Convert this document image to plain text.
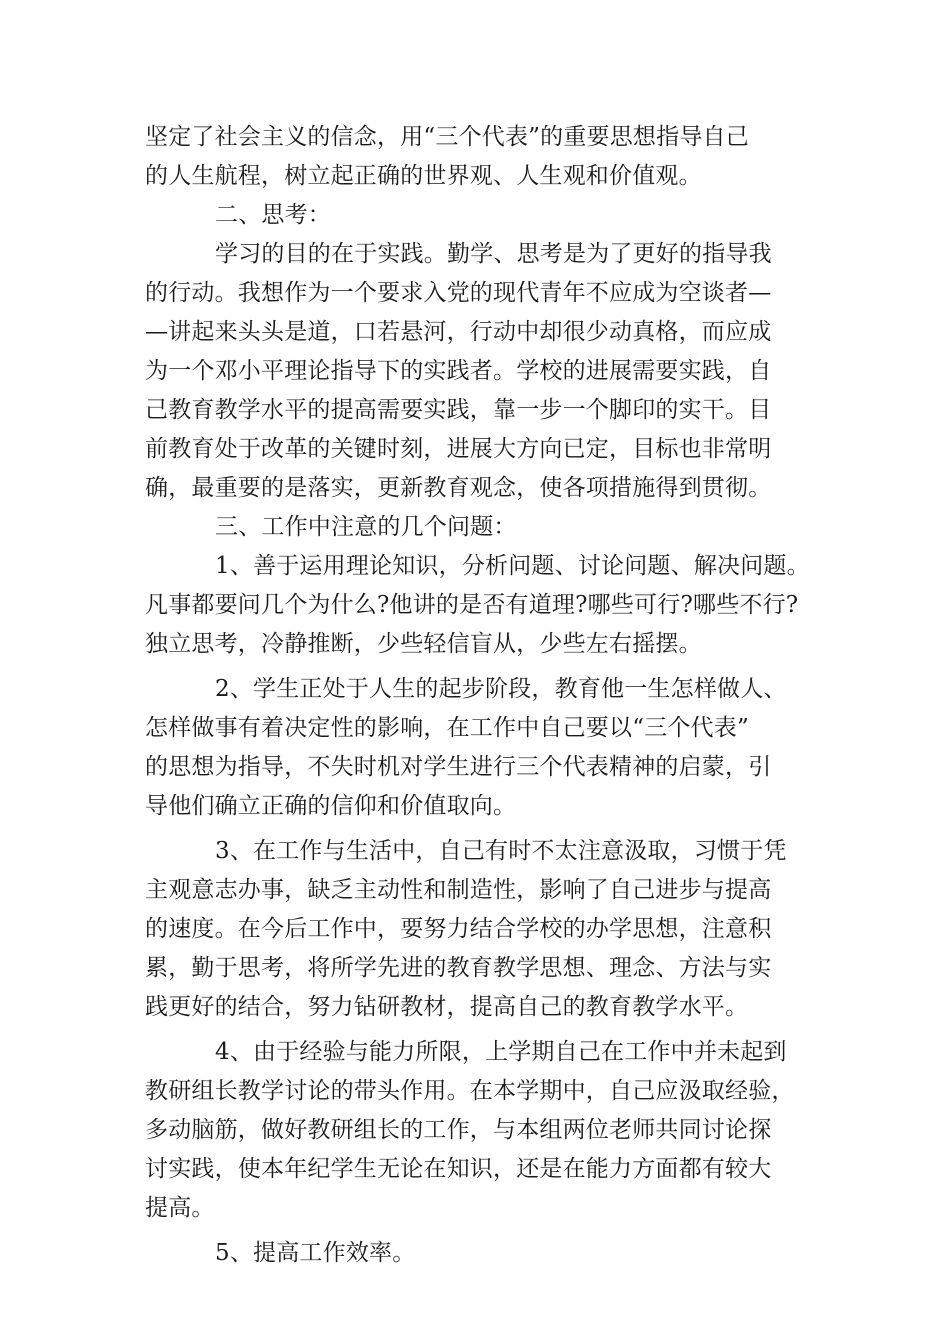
坚定了社会主义的信念，用“三个代表”的重要思想指导自己
的人生航程，树立起正确的世界观、人生观和价值观。
二、思考：
学习的目的在于实践。勤学、思考是为了更好的指导我
的行动。我想作为一个要求入党的现代青年不应成为空谈者—
—讲起来头头是道，口若悬河，行动中却很少动真格，而应成
为一个邓小平理论指导下的实践者。学校的进展需要实践，自
己教育教学水平的提高需要实践，靠一步一个脚印的实干。目
前教育处于改革的关键时刻，进展大方向已定，目标也非常明
确，最重要的是落实，更新教育观念，使各项措施得到贯彻。
三、工作中注意的几个问题：
1、善于运用理论知识，分析问题、讨论问题、解决问题。
凡事都要问几个为什么?他讲的是否有道理?哪些可行?哪些不行?
独立思考，冷静推断，少些轻信盲从，少些左右摇摆。
2、学生正处于人生的起步阶段，教育他一生怎样做人、
怎样做事有着决定性的影响，在工作中自己要以“三个代表”
的思想为指导，不失时机对学生进行三个代表精神的启蒙，引
导他们确立正确的信仰和价值取向。
3、在工作与生活中，自己有时不太注意汲取，习惯于凭
主观意志办事，缺乏主动性和制造性，影响了自己进步与提高
的速度。在今后工作中，要努力结合学校的办学思想，注意积
累，勤于思考，将所学先进的教育教学思想、理念、方法与实
践更好的结合，努力钻研教材，提高自己的教育教学水平。
4、由于经验与能力所限，上学期自己在工作中并未起到
教研组长教学讨论的带头作用。在本学期中，自己应汲取经验，
多动脑筋，做好教研组长的工作，与本组两位老师共同讨论探
讨实践，使本年纪学生无论在知识，还是在能力方面都有较大
提高。
5、提高工作效率。
